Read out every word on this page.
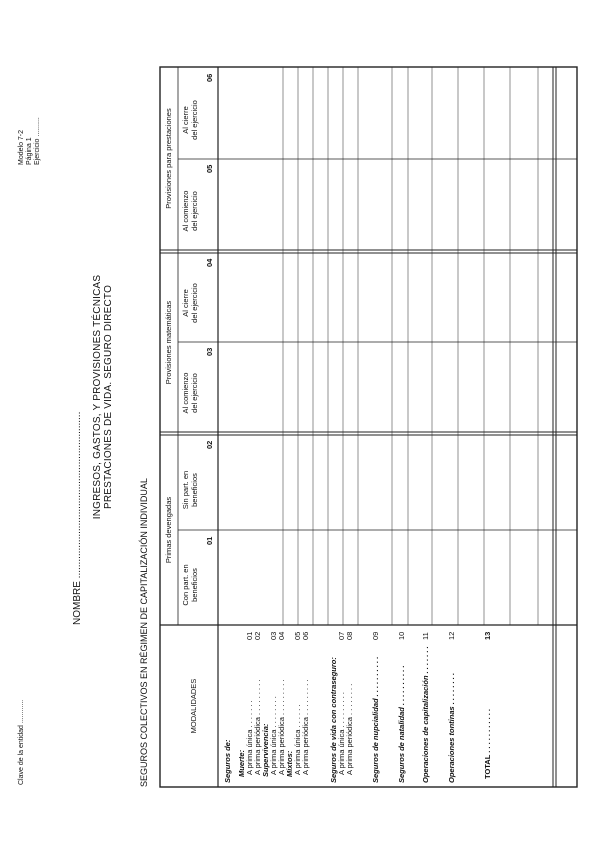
Clave de la entidad ............
Modelo 7-2 Página 1 Ejercicio ..........
NOMBRE ............................................................ INGRESOS, GASTOS, Y PROVISIONES TÉCNICAS PRESTACIONES DE VIDA. SEGURO DIRECTO
SEGUROS COLECTIVOS EN RÉGIMEN DE CAPITALIZACIÓN INDIVIDUAL	MODALIDADES
Primas devengadas
Provisiones matemáticas
Provisiones para prestaciones
Con part. en beneficios
01
Sin part. en beneficios
02
Al comienzo del ejercicio
03
Al cierre del ejercicio
04
Al comienzo del ejercicio
05
Al cierre del ejercicio
06
Seguros de: Muerte: A prima única . . . . . . .
01
A prima periódica . . . . . . . . .
02
Supervivencia: A prima única . . . . . . . .
03
A prima periódica . . . . . . . . .
04
Mixtos: A prima única . . . . . .
05
A prima periódica . . . . . . . . .
06
Seguros de vida con contraseguro: A prima única . . . . . . . . .
07
A prima periódica . . . . . . . .
08
Seguros de nupcialidad . . . . . . . . . .
09
Seguros de natalidad . . . . . . . . . .
10
Operaciones de capitalización . . . . . . .
11
Operaciones tontinas . . . . . . . .
12
TOTAL . . . . . . . . . . .
13
